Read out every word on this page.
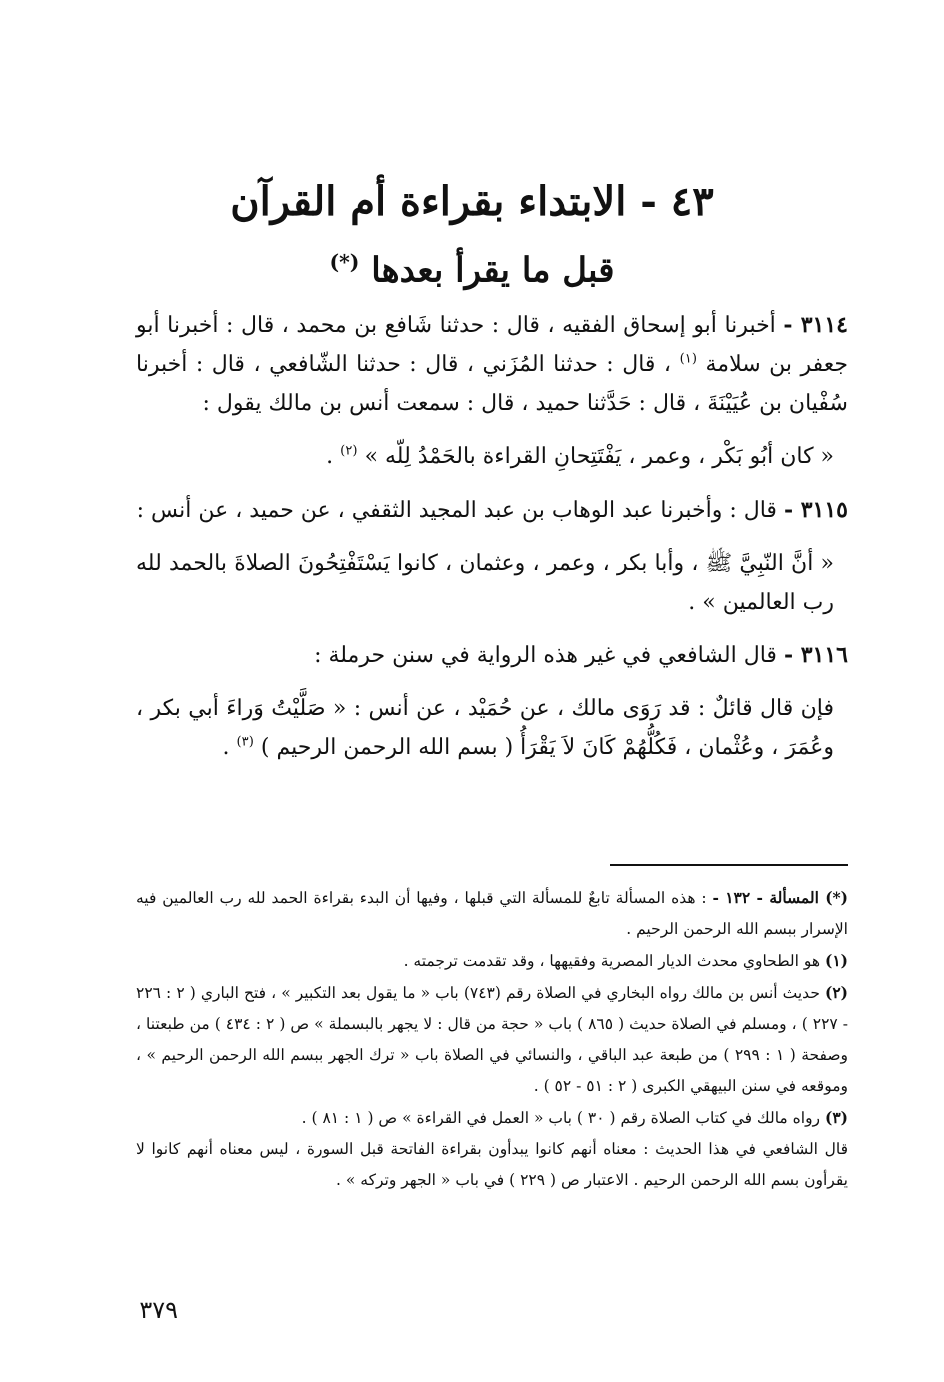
٤٣ - الابتداء بقراءة أم القرآن
قبل ما يقرأ بعدها (*)

٣١١٤ - أخبرنا أبو إسحاق الفقيه ، قال : حدثنا شَافع بن محمد ، قال : أخبرنا أبو جعفر بن سلامة $^{(١)}$ ، قال : حدثنا المُزَني ، قال : حدثنا الشّافعي ، قال : أخبرنا سُفْيان بن عُيَيْنَةَ ، قال : حَدَّثنا حميد ، قال : سمعت أنس بن مالك يقول :

« كان أبُو بَكْر ، وعمر ، يَفْتَتِحانِ القراءة بالحَمْدُ لِلّه » $^{(٢)}$ .

٣١١٥ - قال : وأخبرنا عبد الوهاب بن عبد المجيد الثقفي ، عن حميد ، عن أنس :

« أنَّ النّبِيَّ ﷺ ، وأبا بكر ، وعمر ، وعثمان ، كانوا يَسْتَفْتِحُونَ الصلاةَ بالحمد لله رب العالمين » .

٣١١٦ - قال الشافعي في غير هذه الرواية في سنن حرملة :

فإن قال قائلٌ : قد رَوَى مالك ، عن حُمَيْد ، عن أنس : « صَلَّيْتُ وَراءَ أبي بكر ، وعُمَرَ ، وعُثْمان ، فَكُلُّهُمْ كَانَ لاَ يَقْرَأُ ( بسم الله الرحمن الرحيم ) $^{(٣)}$ .

(*) المسألة - ١٣٢ - : هذه المسألة تابعٌ للمسألة التي قبلها ، وفيها أن البدء بقراءة الحمد لله رب العالمين فيه الإسرار ببسم الله الرحمن الرحيم .

(١) هو الطحاوي محدث الديار المصرية وفقيهها ، وقد تقدمت ترجمته .

(٢) حديث أنس بن مالك رواه البخاري في الصلاة رقم (٧٤٣) باب « ما يقول بعد التكبير » ، فتح الباري ( ٢ : ٢٢٦ - ٢٢٧ ) ، ومسلم في الصلاة حديث ( ٨٦٥ ) باب « حجة من قال : لا يجهر بالبسملة » ص ( ٢ : ٤٣٤ ) من طبعتنا ، وصفحة ( ١ : ٢٩٩ ) من طبعة عبد الباقي ، والنسائي في الصلاة باب « ترك الجهر ببسم الله الرحمن الرحيم » ، وموقعه في سنن البيهقي الكبرى ( ٢ : ٥١ - ٥٢ ) .

(٣) رواه مالك في كتاب الصلاة رقم ( ٣٠ ) باب « العمل في القراءة » ص ( ١ : ٨١ ) .

قال الشافعي في هذا الحديث : معناه أنهم كانوا يبدأون بقراءة الفاتحة قبل السورة ، ليس معناه أنهم كانوا لا يقرأون بسم الله الرحمن الرحيم . الاعتبار ص ( ٢٢٩ ) في باب « الجهر وتركه » .

٣٧٩
